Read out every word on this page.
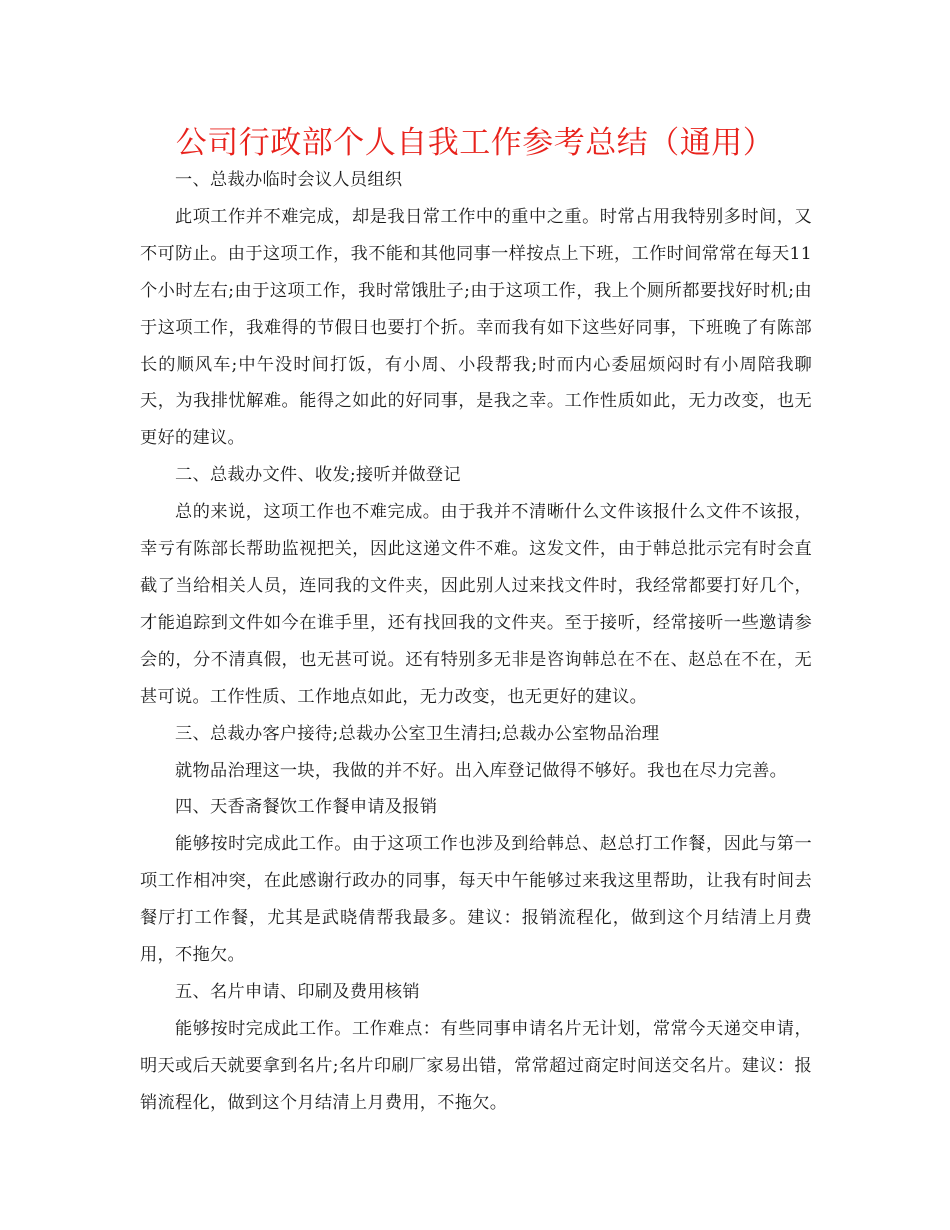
公司行政部个人自我工作参考总结（通用）

一、总裁办临时会议人员组织

此项工作并不难完成，却是我日常工作中的重中之重。时常占用我特别多时间，又不可防止。由于这项工作，我不能和其他同事一样按点上下班，工作时间常常在每天11个小时左右;由于这项工作，我时常饿肚子;由于这项工作，我上个厕所都要找好时机;由于这项工作，我难得的节假日也要打个折。幸而我有如下这些好同事，下班晚了有陈部长的顺风车;中午没时间打饭，有小周、小段帮我;时而内心委屈烦闷时有小周陪我聊天，为我排忧解难。能得之如此的好同事，是我之幸。工作性质如此，无力改变，也无更好的建议。

二、总裁办文件、收发;接听并做登记

总的来说，这项工作也不难完成。由于我并不清晰什么文件该报什么文件不该报，幸亏有陈部长帮助监视把关，因此这递文件不难。这发文件，由于韩总批示完有时会直截了当给相关人员，连同我的文件夹，因此别人过来找文件时，我经常都要打好几个，才能追踪到文件如今在谁手里，还有找回我的文件夹。至于接听，经常接听一些邀请参会的，分不清真假，也无甚可说。还有特别多无非是咨询韩总在不在、赵总在不在，无甚可说。工作性质、工作地点如此，无力改变，也无更好的建议。

三、总裁办客户接待;总裁办公室卫生清扫;总裁办公室物品治理

就物品治理这一块，我做的并不好。出入库登记做得不够好。我也在尽力完善。

四、天香斋餐饮工作餐申请及报销

能够按时完成此工作。由于这项工作也涉及到给韩总、赵总打工作餐，因此与第一项工作相冲突，在此感谢行政办的同事，每天中午能够过来我这里帮助，让我有时间去餐厅打工作餐，尤其是武晓倩帮我最多。建议：报销流程化，做到这个月结清上月费用，不拖欠。

五、名片申请、印刷及费用核销

能够按时完成此工作。工作难点：有些同事申请名片无计划，常常今天递交申请，明天或后天就要拿到名片;名片印刷厂家易出错，常常超过商定时间送交名片。建议：报销流程化，做到这个月结清上月费用，不拖欠。
